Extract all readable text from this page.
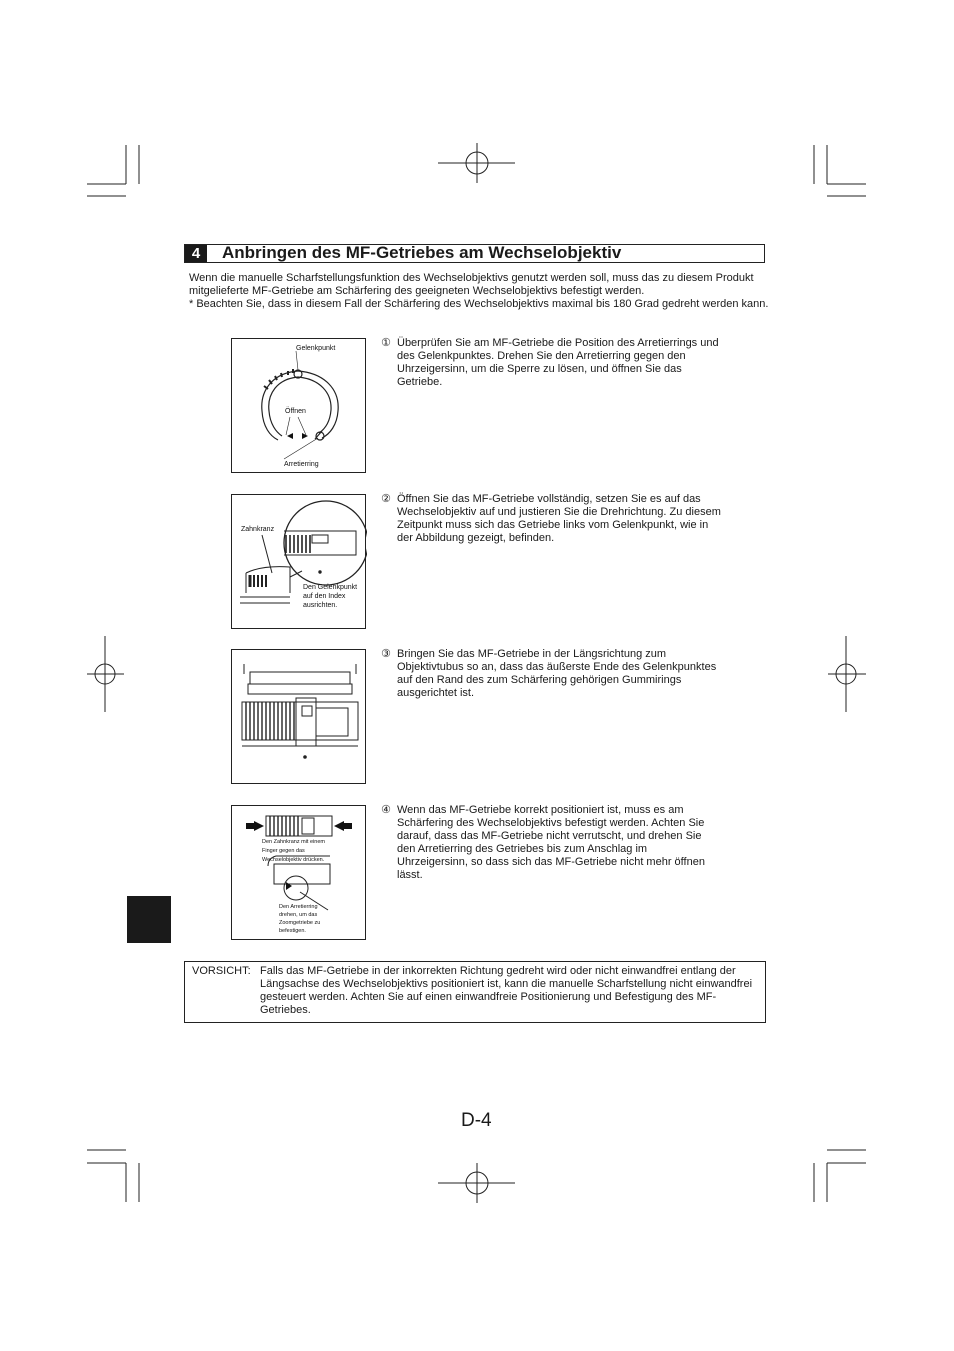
4	Anbringen des MF-Getriebes am Wechselobjektiv

Wenn die manuelle Scharfstellungsfunktion des Wechselobjektivs genutzt werden soll, muss das zu diesem Produkt mitgelieferte MF-Getriebe am Schärfering des geeigneten Wechselobjektivs befestigt werden.

* Beachten Sie, dass in diesem Fall der Schärfering des Wechselobjektivs maximal bis 180 Grad gedreht werden kann.

Gelenkpunkt
Öffnen
Arretierring
Zahnkranz
Den Gelenkpunkt
auf den Index
ausrichten.
Den Zahnkranz mit einem
Finger gegen das
Wechselobjektiv drücken.
Den Arretierring
drehen, um das
Zoomgetriebe zu
befestigen.
① Überprüfen Sie am MF-Getriebe die Position des Arretierrings und des Gelenkpunktes. Drehen Sie den Arretierring gegen den Uhrzeigersinn, um die Sperre zu lösen, und öffnen Sie das Getriebe.
② Öffnen Sie das MF-Getriebe vollständig, setzen Sie es auf das Wechselobjektiv auf und justieren Sie die Drehrichtung. Zu diesem Zeitpunkt muss sich das Getriebe links vom Gelenkpunkt, wie in der Abbildung gezeigt, befinden.
③ Bringen Sie das MF-Getriebe in der Längsrichtung zum Objektivtubus so an, dass das äußerste Ende des Gelenkpunktes auf den Rand des zum Schärfering gehörigen Gummirings ausgerichtet ist.
④ Wenn das MF-Getriebe korrekt positioniert ist, muss es am Schärfering des Wechselobjektivs befestigt werden. Achten Sie darauf, dass das MF-Getriebe nicht verrutscht, und drehen Sie den Arretierring des Getriebes bis zum Anschlag im Uhrzeigersinn, so dass sich das MF-Getriebe nicht mehr öffnen lässt.
VORSICHT: Falls das MF-Getriebe in der inkorrekten Richtung gedreht wird oder nicht einwandfrei entlang der Längsachse des Wechselobjektivs positioniert ist, kann die manuelle Scharfstellung nicht einwandfrei gesteuert werden. Achten Sie auf einen einwandfreie Positionierung und Befestigung des MF-Getriebes.
D-4
